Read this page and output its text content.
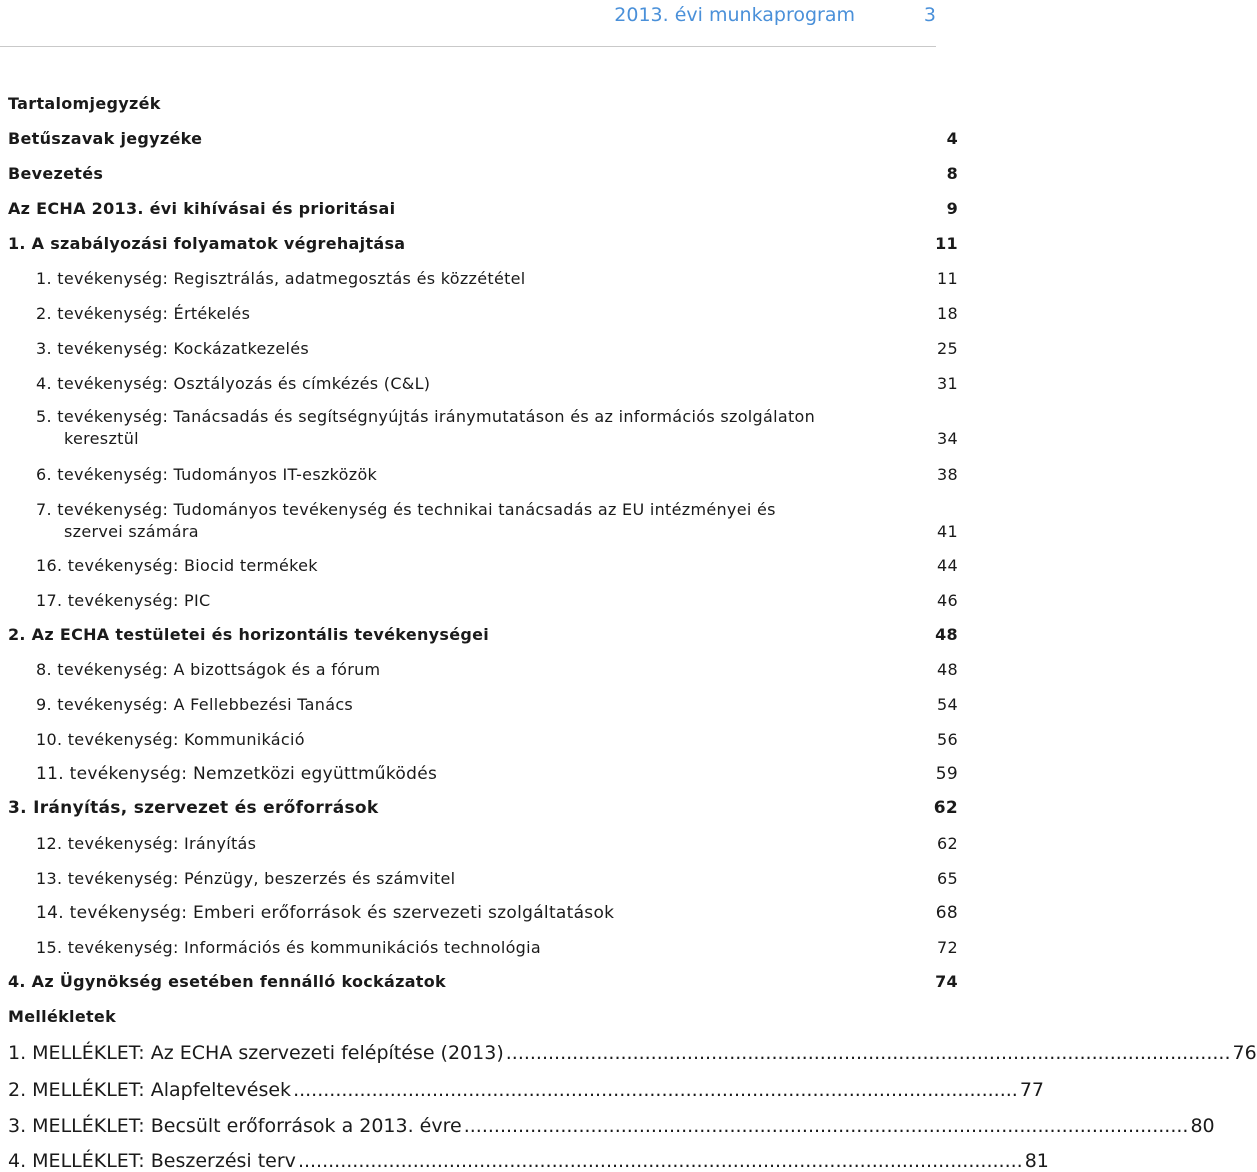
2013. évi munkaprogram	3
Tartalomjegyzék
Betűszavak jegyzéke	4
Bevezetés	8
Az ECHA 2013. évi kihívásai és prioritásai	9
1. A szabályozási folyamatok végrehajtása	11
1. tevékenység: Regisztrálás, adatmegosztás és közzététel	11
2. tevékenység: Értékelés	18
3. tevékenység: Kockázatkezelés	25
4. tevékenység: Osztályozás és címkézés (C&L)	31
5. tevékenység: Tanácsadás és segítségnyújtás iránymutatáson és az információs szolgálaton
keresztül	34
6. tevékenység: Tudományos IT-eszközök	38
7. tevékenység: Tudományos tevékenység és technikai tanácsadás az EU intézményei és
szervei számára	41
16. tevékenység: Biocid termékek	44
17. tevékenység: PIC	46
2. Az ECHA testületei és horizontális tevékenységei	48
8. tevékenység: A bizottságok és a fórum	48
9. tevékenység: A Fellebbezési Tanács	54
10. tevékenység: Kommunikáció	56
11. tevékenység: Nemzetközi együttműködés	59
3. Irányítás, szervezet és erőforrások	62
12. tevékenység: Irányítás	62
13. tevékenység: Pénzügy, beszerzés és számvitel	65
14. tevékenység: Emberi erőforrások és szervezeti szolgáltatások	68
15. tevékenység: Információs és kommunikációs technológia	72
4. Az Ügynökség esetében fennálló kockázatok	74
Mellékletek
1. MELLÉKLET: Az ECHA szervezeti felépítése (2013) ........................................................................................................................ 76
2. MELLÉKLET: Alapfeltevések ........................................................................................................................ 77
3. MELLÉKLET: Becsült erőforrások a 2013. évre ........................................................................................................................ 80
4. MELLÉKLET: Beszerzési terv ........................................................................................................................ 81
